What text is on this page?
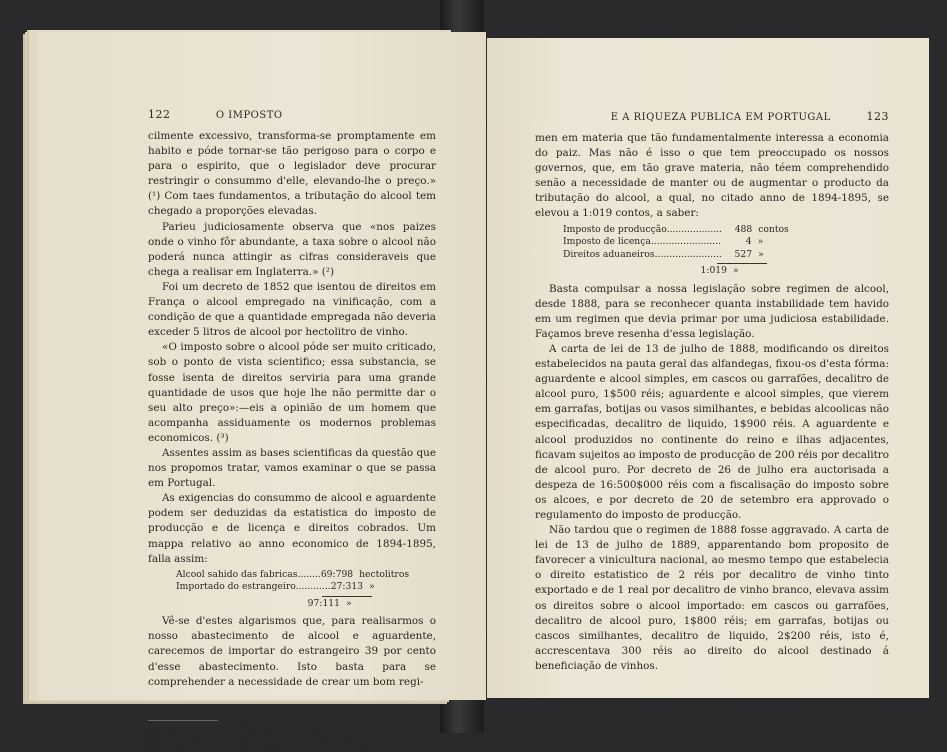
122	O IMPOSTO

cilmente excessivo, transforma-se promptamente em habito e póde tornar-se tão perigoso para o corpo e para o espirito, que o legislador deve procurar restringir o consummo d'elle, elevando-lhe o preço.» (¹) Com taes fundamentos, a tributação do alcool tem chegado a proporções elevadas.

Parieu judiciosamente observa que «nos paizes onde o vinho fôr abundante, a taxa sobre o alcool não poderá nunca attingir as cifras consideraveis que chega a realisar em Inglaterra.» (²)

Foi um decreto de 1852 que isentou de direitos em França o alcool empregado na vinificação, com a condição de que a quantidade empregada não deveria exceder 5 litros de alcool por hectolitro de vinho.

«O imposto sobre o alcool póde ser muito criticado, sob o ponto de vista scientifico; essa substancia, se fosse isenta de direitos serviria para uma grande quantidade de usos que hoje lhe não permitte dar o seu alto preço»:—eis a opinião de um homem que acompanha assiduamente os modernos problemas economicos. (³)

Assentes assim as bases scientificas da questão que nos propomos tratar, vamos examinar o que se passa em Portugal.

As exigencias do consummo de alcool e aguardente podem ser deduzidas da estatistica do imposto de producção e de licença e direitos cobrados. Um mappa relativo ao anno economico de 1894-1895, falla assim:

Alcool sahido das fabricas........ 69:798 hectolitros
Importado do estrangeiro............ 27:313 »
97:111 »

Vê-se d'estes algarismos que, para realisarmos o nosso abastecimento de alcool e aguardente, carecemos de importar do estrangeiro 39 por cento d'esse abastecimento. Isto basta para se comprehender a necessidade de crear um bom regi-

(1) RAU—Finanzwissenschaft, § 336.
(2) ESQUIROU DE PARIEU—Traité des Impôts, t. III, pag. 67.
(3) PAUL LEROY BEAULIEU—Traité de la Science des Finances, t. I, pag. 677.
E A RIQUEZA PUBLICA EM PORTUGAL	123

men em materia que tão fundamentalmente interessa a economia do paiz. Mas não é isso o que tem preoccupado os nossos governos, que, em tão grave materia, não téem comprehendido senão a necessidade de manter ou de augmentar o producto da tributação do alcool, a qual, no citado anno de 1894-1895, se elevou a 1:019 contos, a saber:

Imposto de producção...................	488 contos
Imposto de licença........................	4 »
Direitos aduaneiros.......................	527 »
1:019 »

Basta compulsar a nossa legislação sobre regimen de alcool, desde 1888, para se reconhecer quanta instabilidade tem havido em um regimen que devia primar por uma judiciosa estabilidade. Façamos breve resenha d'essa legislação.

A carta de lei de 13 de julho de 1888, modificando os direitos estabelecidos na pauta geral das alfandegas, fixou-os d'esta fórma: aguardente e alcool simples, em cascos ou garrafões, decalitro de alcool puro, 1$500 réis; aguardente e alcool simples, que vierem em garrafas, botijas ou vasos similhantes, e bebidas alcoolicas não especificadas, decalitro de liquido, 1$900 réis. A aguardente e alcool produzidos no continente do reino e ilhas adjacentes, ficavam sujeitos ao imposto de producção de 200 réis por decalitro de alcool puro. Por decreto de 26 de julho era auctorisada a despeza de 16:500$000 réis com a fiscalisação do imposto sobre os alcoes, e por decreto de 20 de setembro era approvado o regulamento do imposto de producção.

Não tardou que o regimen de 1888 fosse aggravado. A carta de lei de 13 de julho de 1889, apparentando bom proposito de favorecer a vinicultura nacional, ao mesmo tempo que estabelecia o direito estatistico de 2 réis por decalitro de vinho tinto exportado e de 1 real por decalitro de vinho branco, elevava assim os direitos sobre o alcool importado: em cascos ou garrafões, decalitro de alcool puro, 1$800 réis; em garrafas, botijas ou cascos similhantes, decalitro de liquido, 2$200 réis, isto é, accrescentava 300 réis ao direito do alcool destinado á beneficiação de vinhos.
